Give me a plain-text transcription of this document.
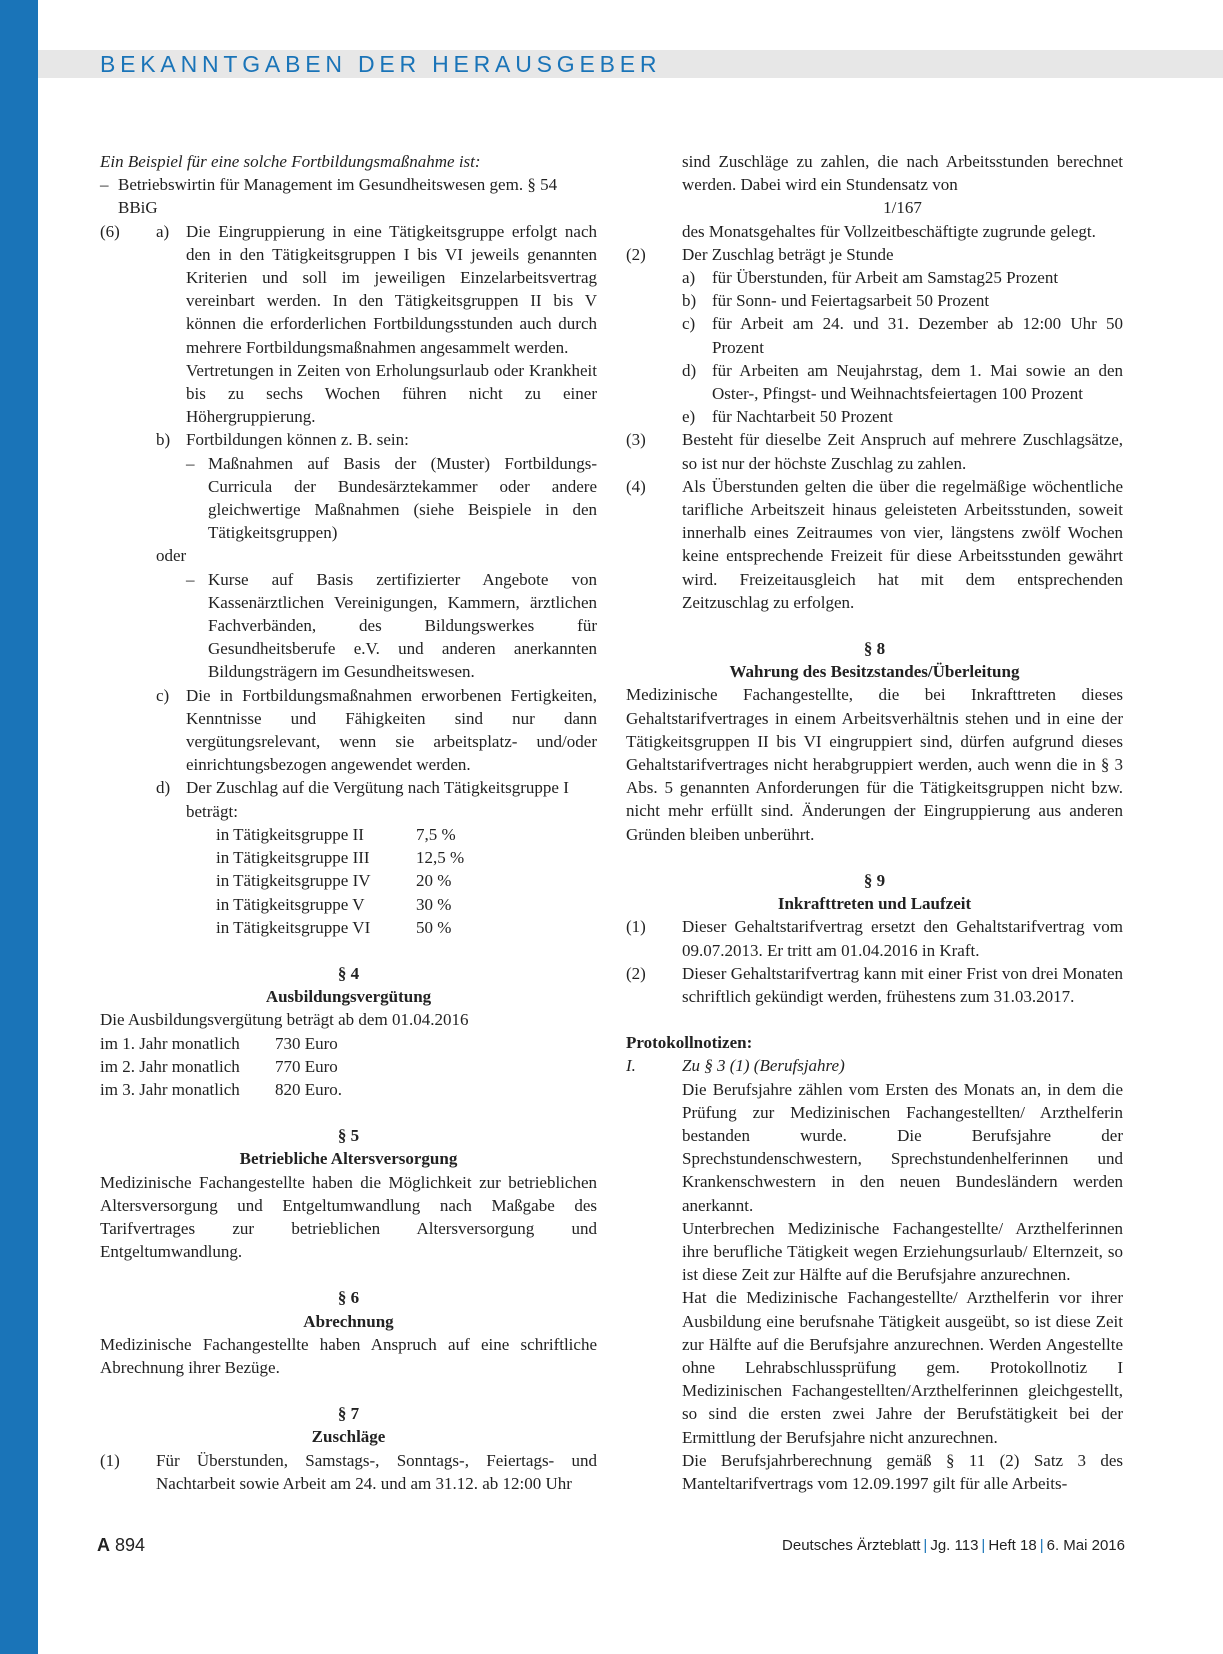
BEKANNTGABEN DER HERAUSGEBER
Ein Beispiel für eine solche Fortbildungsmaßnahme ist:
– Betriebswirtin für Management im Gesundheitswesen gem. § 54 BBiG
(6)	a) Die Eingruppierung in eine Tätigkeitsgruppe erfolgt nach den in den Tätigkeitsgruppen I bis VI jeweils genannten Kriterien und soll im jeweiligen Einzelarbeitsvertrag vereinbart werden. In den Tätigkeitsgruppen II bis V können die erforderlichen Fortbildungsstunden auch durch mehrere Fortbildungsmaßnahmen angesammelt werden.
Vertretungen in Zeiten von Erholungsurlaub oder Krankheit bis zu sechs Wochen führen nicht zu einer Höhergruppierung.
b) Fortbildungen können z. B. sein:
– Maßnahmen auf Basis der (Muster) Fortbildungs-Curricula der Bundesärztekammer oder andere gleichwertige Maßnahmen (siehe Beispiele in den Tätigkeitsgruppen)
oder
– Kurse auf Basis zertifizierter Angebote von Kassenärztlichen Vereinigungen, Kammern, ärztlichen Fachverbänden, des Bildungswerkes für Gesundheitsberufe e.V. und anderen anerkannten Bildungsträgern im Gesundheitswesen.
c) Die in Fortbildungsmaßnahmen erworbenen Fertigkeiten, Kenntnisse und Fähigkeiten sind nur dann vergütungsrelevant, wenn sie arbeitsplatz- und/oder einrichtungsbezogen angewendet werden.
d) Der Zuschlag auf die Vergütung nach Tätigkeitsgruppe I beträgt:
in Tätigkeitsgruppe II	7,5 %
in Tätigkeitsgruppe III	12,5 %
in Tätigkeitsgruppe IV	20 %
in Tätigkeitsgruppe V	30 %
in Tätigkeitsgruppe VI	50 %
§ 4
Ausbildungsvergütung
Die Ausbildungsvergütung beträgt ab dem 01.04.2016
im 1. Jahr monatlich	730 Euro
im 2. Jahr monatlich	770 Euro
im 3. Jahr monatlich	820 Euro.
§ 5
Betriebliche Altersversorgung
Medizinische Fachangestellte haben die Möglichkeit zur betrieblichen Altersversorgung und Entgeltumwandlung nach Maßgabe des Tarifvertrages zur betrieblichen Altersversorgung und Entgeltumwandlung.
§ 6
Abrechnung
Medizinische Fachangestellte haben Anspruch auf eine schriftliche Abrechnung ihrer Bezüge.
§ 7
Zuschläge
(1)	Für Überstunden, Samstags-, Sonntags-, Feiertags- und Nachtarbeit sowie Arbeit am 24. und am 31.12. ab 12:00 Uhr
sind Zuschläge zu zahlen, die nach Arbeitsstunden berechnet werden. Dabei wird ein Stundensatz von
1/167
des Monatsgehaltes für Vollzeitbeschäftigte zugrunde gelegt.
(2)	Der Zuschlag beträgt je Stunde
a) für Überstunden, für Arbeit am Samstag25 Prozent
b) für Sonn- und Feiertagsarbeit 50 Prozent
c) für Arbeit am 24. und 31. Dezember ab 12:00 Uhr 50 Prozent
d) für Arbeiten am Neujahrstag, dem 1. Mai sowie an den Oster-, Pfingst- und Weihnachtsfeiertagen 100 Prozent
e) für Nachtarbeit 50 Prozent
(3)	Besteht für dieselbe Zeit Anspruch auf mehrere Zuschlagsätze, so ist nur der höchste Zuschlag zu zahlen.
(4)	Als Überstunden gelten die über die regelmäßige wöchentliche tarifliche Arbeitszeit hinaus geleisteten Arbeitsstunden, soweit innerhalb eines Zeitraumes von vier, längstens zwölf Wochen keine entsprechende Freizeit für diese Arbeitsstunden gewährt wird. Freizeitausgleich hat mit dem entsprechenden Zeitzuschlag zu erfolgen.
§ 8
Wahrung des Besitzstandes/Überleitung
Medizinische Fachangestellte, die bei Inkrafttreten dieses Gehaltstarifvertrages in einem Arbeitsverhältnis stehen und in eine der Tätigkeitsgruppen II bis VI eingruppiert sind, dürfen aufgrund dieses Gehaltstarifvertrages nicht herabgruppiert werden, auch wenn die in § 3 Abs. 5 genannten Anforderungen für die Tätigkeitsgruppen nicht bzw. nicht mehr erfüllt sind. Änderungen der Eingruppierung aus anderen Gründen bleiben unberührt.
§ 9
Inkrafttreten und Laufzeit
(1)	Dieser Gehaltstarifvertrag ersetzt den Gehaltstarifvertrag vom 09.07.2013. Er tritt am 01.04.2016 in Kraft.
(2)	Dieser Gehaltstarifvertrag kann mit einer Frist von drei Monaten schriftlich gekündigt werden, frühestens zum 31.03.2017.
Protokollnotizen:
I.	Zu § 3 (1) (Berufsjahre)
Die Berufsjahre zählen vom Ersten des Monats an, in dem die Prüfung zur Medizinischen Fachangestellten/ Arzthelferin bestanden wurde. Die Berufsjahre der Sprechstundenschwestern, Sprechstundenhelferinnen und Krankenschwestern in den neuen Bundesländern werden anerkannt.
Unterbrechen Medizinische Fachangestellte/ Arzthelferinnen ihre berufliche Tätigkeit wegen Erziehungsurlaub/ Elternzeit, so ist diese Zeit zur Hälfte auf die Berufsjahre anzurechnen.
Hat die Medizinische Fachangestellte/ Arzthelferin vor ihrer Ausbildung eine berufsnahe Tätigkeit ausgeübt, so ist diese Zeit zur Hälfte auf die Berufsjahre anzurechnen. Werden Angestellte ohne Lehrabschlussprüfung gem. Protokollnotiz I Medizinischen Fachangestellten/Arzthelferinnen gleichgestellt, so sind die ersten zwei Jahre der Berufstätigkeit bei der Ermittlung der Berufsjahre nicht anzurechnen.
Die Berufsjahrberechnung gemäß § 11 (2) Satz 3 des Manteltarifvertrags vom 12.09.1997 gilt für alle Arbeits-
A 894	Deutsches Ärzteblatt | Jg. 113 | Heft 18 | 6. Mai 2016
